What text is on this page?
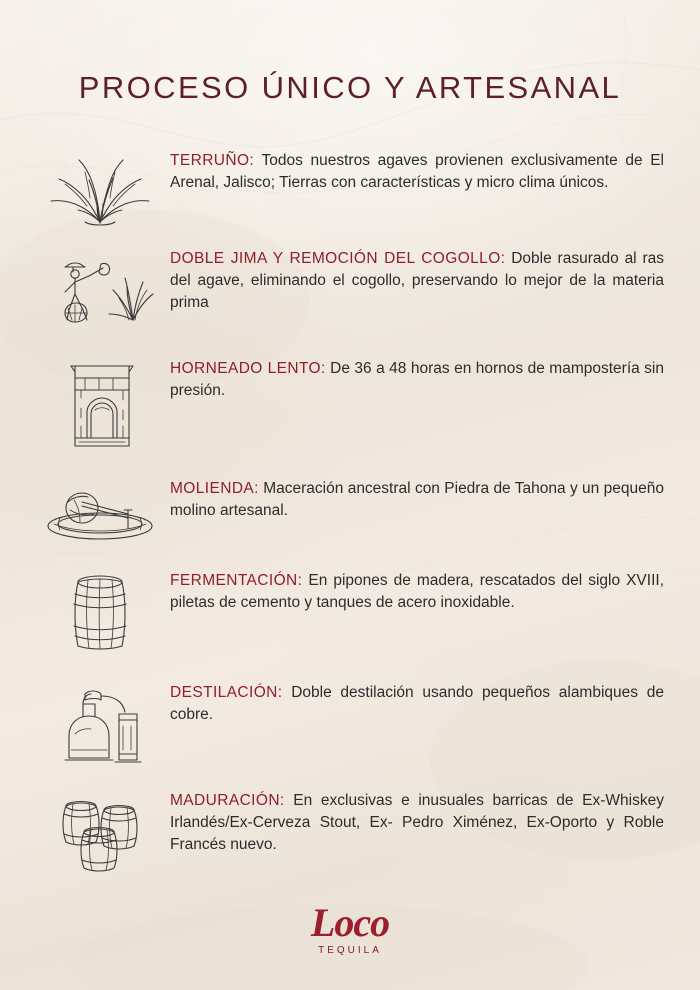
PROCESO ÚNICO Y ARTESANAL
TERRUÑO: Todos nuestros agaves provienen exclusivamente de El Arenal, Jalisco; Tierras con características y micro clima únicos.
DOBLE JIMA Y REMOCIÓN DEL COGOLLO: Doble rasurado al ras del agave, eliminando el cogollo, preservando lo mejor de la materia prima
HORNEADO LENTO: De 36 a 48 horas en hornos de mampostería sin presión.
MOLIENDA: Maceración ancestral con Piedra de Tahona y un pequeño molino artesanal.
FERMENTACIÓN: En pipones de madera, rescatados del siglo XVIII, piletas de cemento y tanques de acero inoxidable.
DESTILACIÓN: Doble destilación usando pequeños alambiques de cobre.
MADURACIÓN: En exclusivas e inusuales barricas de Ex-Whiskey Irlandés/Ex-Cerveza Stout, Ex- Pedro Ximénez, Ex-Oporto y Roble Francés nuevo.
Loco
TEQUILA
